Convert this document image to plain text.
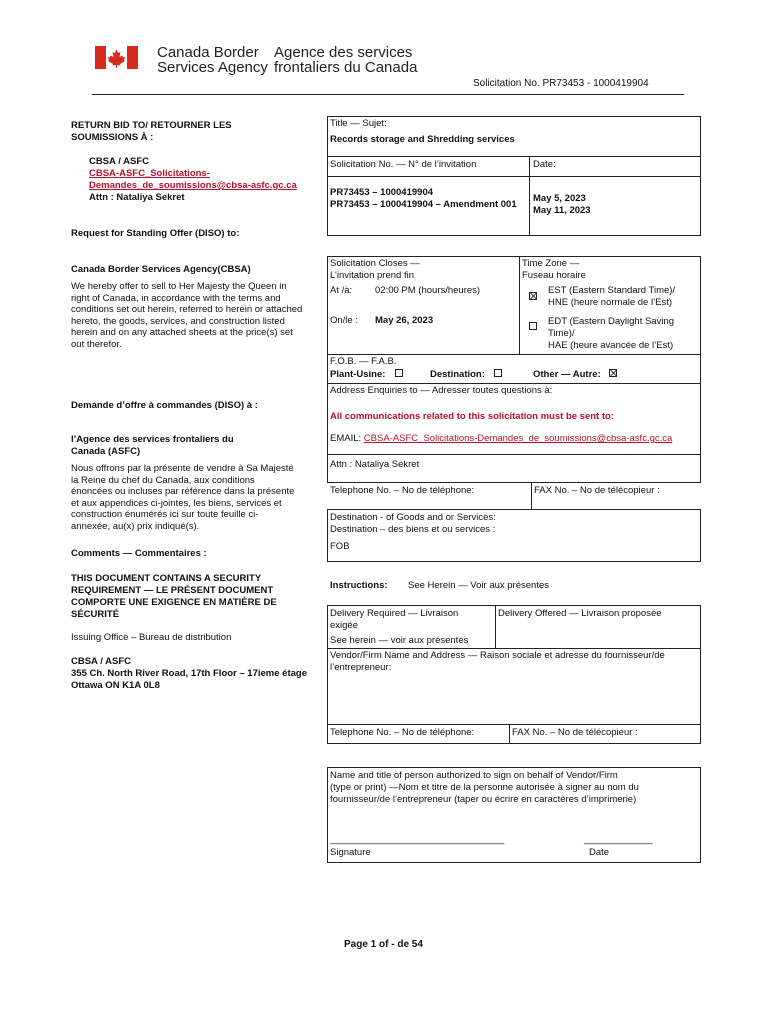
Canada Border
Services Agency
Agence des services
frontaliers du Canada
Solicitation No. PR73453 - 1000419904
RETURN BID TO/ RETOURNER LES SOUMISSIONS À :
CBSA / ASFC
CBSA-ASFC_Solicitations-
Demandes_de_soumissions@cbsa-asfc.gc.ca
Attn : Nataliya Sekret
Request for Standing Offer (DISO) to:
Canada Border Services Agency(CBSA)
We hereby offer to sell to Her Majesty the Queen in right of Canada, in accordance with the terms and conditions set out herein, referred to herein or attached hereto, the goods, services, and construction listed herein and on any attached sheets at the price(s) set out therefor.
Demande d’offre à commandes (DISO) à :
l’Agence des services frontaliers du Canada (ASFC)
Nous offrons par la présente de vendre à Sa Majesté la Reine du chef du Canada, aux conditions énoncées ou incluses par référence dans la présente et aux appendices ci-jointes, les biens, services et construction énumérés ici sur toute feuille ci-annexée, au(x) prix indiqué(s).
Comments — Commentaires :
THIS DOCUMENT CONTAINS A SECURITY REQUIREMENT — LE PRÉSENT DOCUMENT COMPORTE UNE EXIGENCE EN MATIÈRE DE SÉCURITÉ
Issuing Office – Bureau de distribution
CBSA / ASFC
355 Ch. North River Road, 17th Floor – 17ieme étage
Ottawa ON K1A 0L8
Title — Sujet:
Records storage and Shredding services
Solicitation No. — N° de l’invitation	Date:
PR73453 – 1000419904
PR73453 – 1000419904 – Amendment 001
May 5, 2023
May 11, 2023
Solicitation Closes —
L’invitation prend fin
At /à: 02:00 PM (hours/heures)
On/le : May 26, 2023
Time Zone —
Fuseau horaire
EST (Eastern Standard Time)/
HNE (heure normale de l’Est)
EDT (Eastern Daylight Saving
Time)/
HAE (heure avancée de l’Est)
F.O.B. — F.A.B.
Plant-Usine:	Destination:	Other — Autre:
Address Enquiries to — Adresser toutes questions à:
All communications related to this solicitation must be sent to:
EMAIL: CBSA-ASFC_Solicitations-Demandes_de_soumissions@cbsa-asfc.gc.ca
Attn : Nataliya Sekret
Telephone No. – No de téléphone:	FAX No. – No de télécopieur :
Destination - of Goods and or Services:
Destination – des biens et ou services :
FOB
Instructions: See Herein — Voir aux présentes
Delivery Required — Livraison
exigée
See herein — voir aux présentes
Delivery Offered — Livraison proposée
Vendor/Firm Name and Address — Raison sociale et adresse du fournisseur/de
l’entrepreneur:
Telephone No. – No de téléphone:	FAX No. – No de télécopieur :
Name and title of person authorized to sign on behalf of Vendor/Firm
(type or print) —Nom et titre de la personne autorisée à signer au nom du
fournisseur/de l’entrepreneur (taper ou écrire en caractères d’imprimerie)
_________________________________	_____________
Signature	Date
Page 1 of - de 54
